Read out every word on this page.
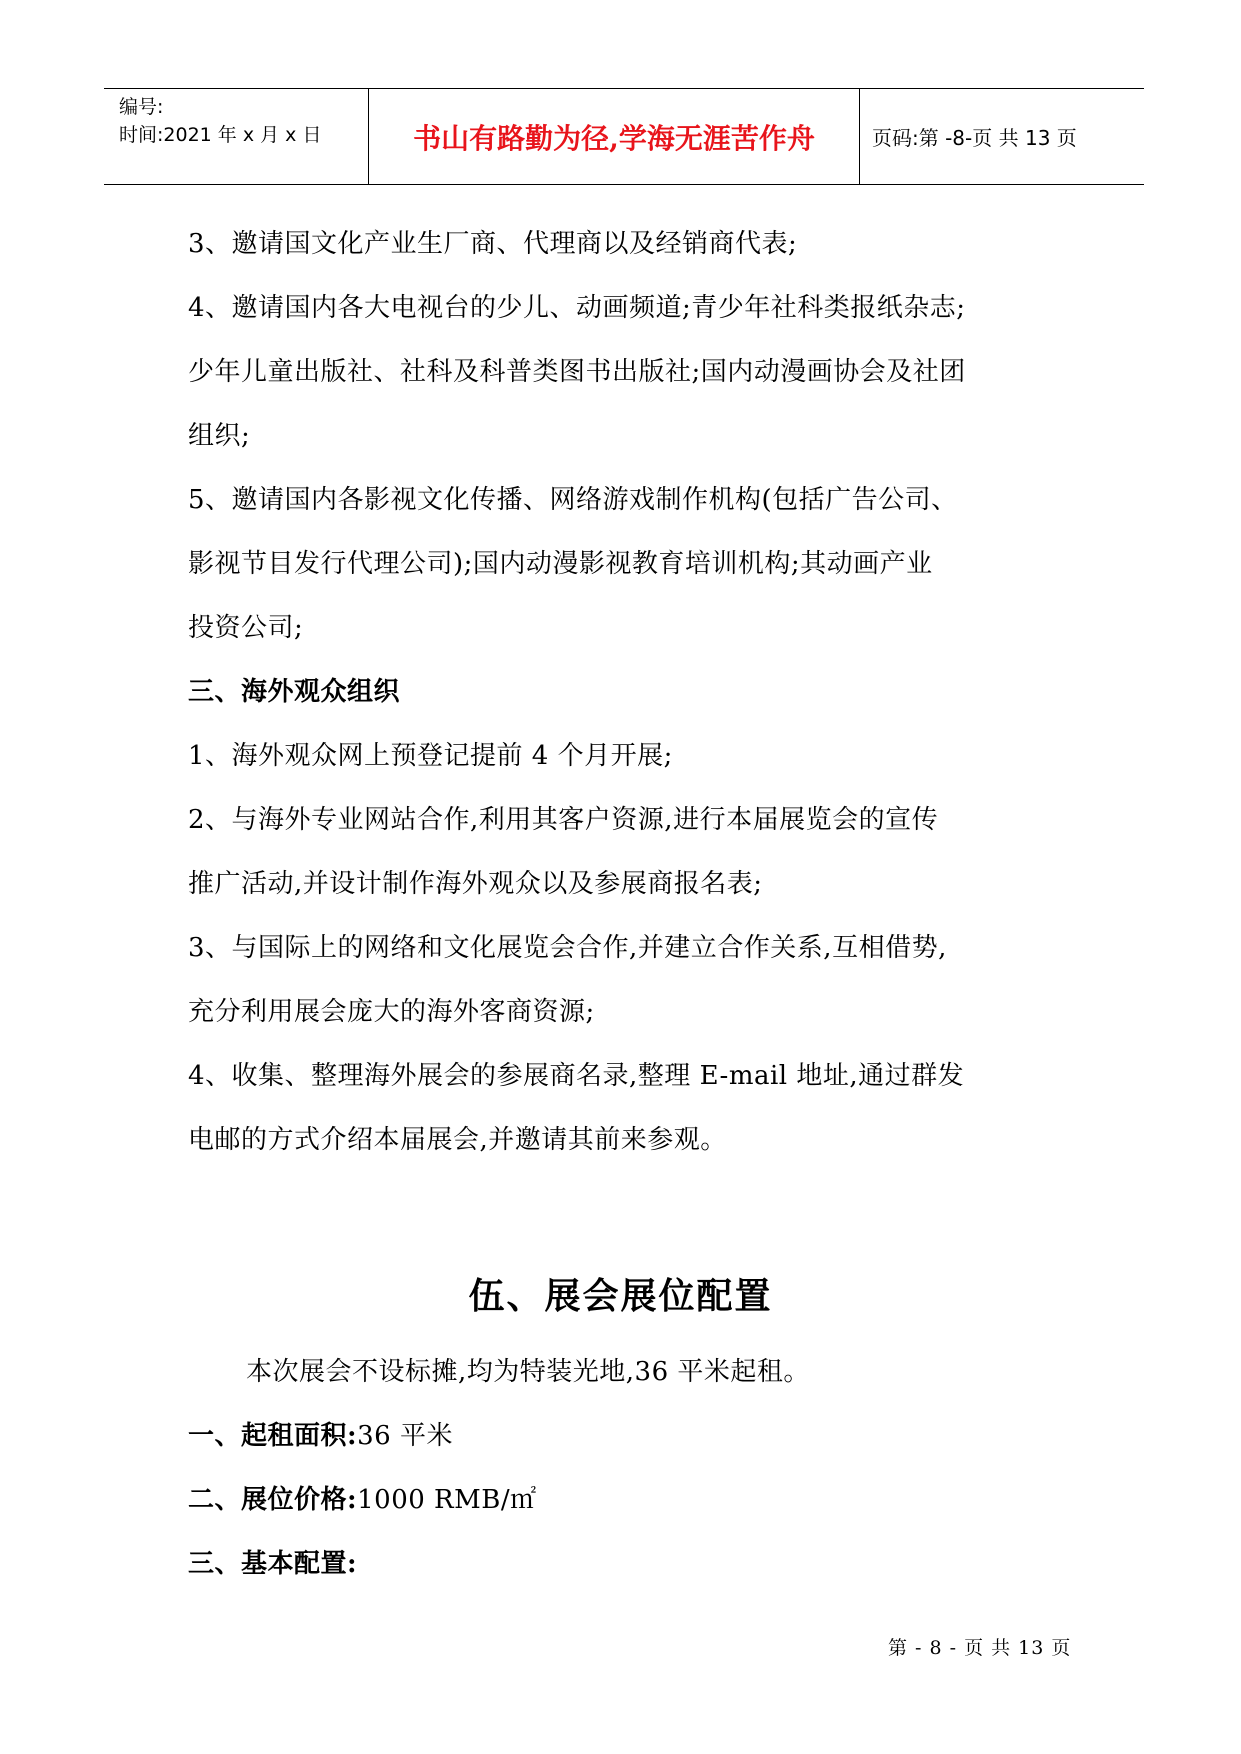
编号:
时间:2021 年 x 月 x 日	书山有路勤为径,学海无涯苦作舟	页码:第 -8-页 共 13 页
3、邀请国文化产业生厂商、代理商以及经销商代表;
4、邀请国内各大电视台的少儿、动画频道;青少年社科类报纸杂志;
少年儿童出版社、社科及科普类图书出版社;国内动漫画协会及社团
组织;
5、邀请国内各影视文化传播、网络游戏制作机构(包括广告公司、
影视节目发行代理公司);国内动漫影视教育培训机构;其动画产业
投资公司;
三、海外观众组织
1、海外观众网上预登记提前 4 个月开展;
2、与海外专业网站合作,利用其客户资源,进行本届展览会的宣传
推广活动,并设计制作海外观众以及参展商报名表;
3、与国际上的网络和文化展览会合作,并建立合作关系,互相借势,
充分利用展会庞大的海外客商资源;
4、收集、整理海外展会的参展商名录,整理 E-mail 地址,通过群发
电邮的方式介绍本届展会,并邀请其前来参观。
伍、展会展位配置
本次展会不设标摊,均为特装光地,36 平米起租。
一、起租面积:36 平米
二、展位价格:1000 RMB/㎡
三、基本配置:
第 - 8 - 页 共 13 页
